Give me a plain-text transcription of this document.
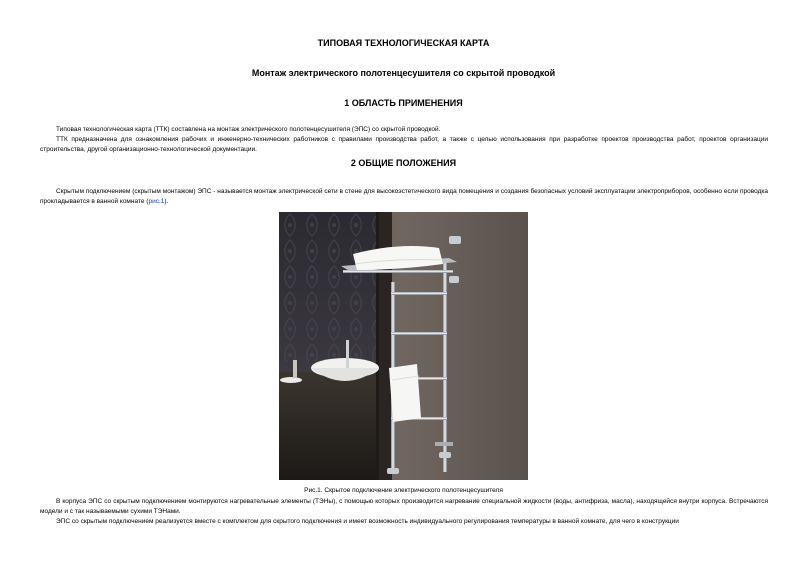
ТИПОВАЯ ТЕХНОЛОГИЧЕСКАЯ КАРТА
Монтаж электрического полотенцесушителя со скрытой проводкой
1 ОБЛАСТЬ ПРИМЕНЕНИЯ

Типовая технологическая карта (ТТК) составлена на монтаж электрического полотенцесушителя (ЭПС) со скрытой проводкой.

ТТК предназначена для ознакомления рабочих и инженерно-технических работников с правилами производства работ, а также с целью использования при разработке проектов производства работ, проектов организации строительства, другой организационно-технологической документации.

2 ОБЩИЕ ПОЛОЖЕНИЯ

Скрытым подключением (скрытым монтажом) ЭПС - называется монтаж электрической сети в стене для высокоэстетического вида помещения и создания безопасных условий эксплуатации электроприборов, особенно если проводка прокладывается в ванной комнате (рис.1).

Рис.1. Скрытое подключение электрического полотенцесушителя

В корпуса ЭПС со скрытым подключением монтируются нагревательные элементы (ТЭНы), с помощью которых производится нагревание специальной жидкости (воды, антифриза, масла), находящейся внутри корпуса. Встречаются модели и с так называемыми сухими ТЭНами.

ЭПС со скрытым подключением реализуется вместе с комплектом для скрытого подключения и имеет возможность индивидуального регулирования температуры в ванной комнате, для чего в конструкции
